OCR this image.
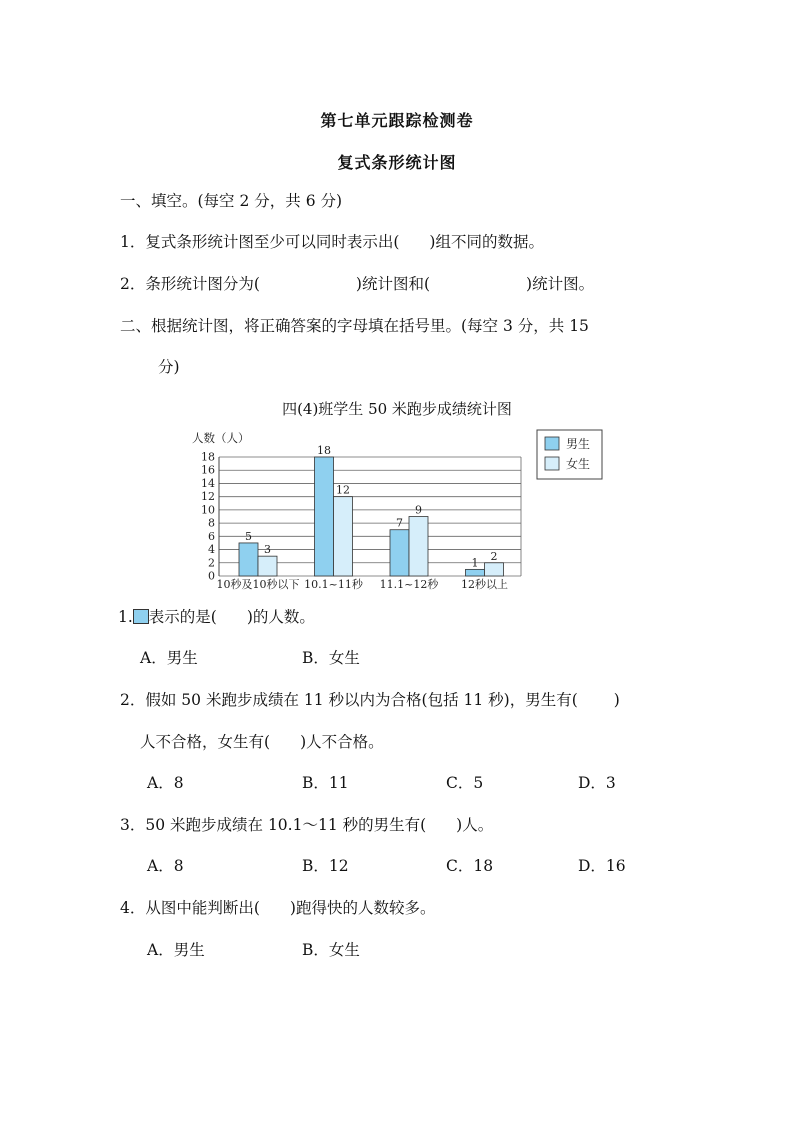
第七单元跟踪检测卷
复式条形统计图
一、填空。(每空 2 分，共 6 分)
1．复式条形统计图至少可以同时表示出( )组不同的数据。
2．条形统计图分为(	)统计图和(	)统计图。
二、根据统计图，将正确答案的字母填在括号里。(每空 3 分，共 15
分)
四(4)班学生 50 米跑步成绩统计图
人数（人）
0
2
4
6
8
10
12
14
16
18
5
3
18
12
7
9
1
2
10秒及10秒以下 10.1~11秒 11.1~12秒 12秒以上
男生
女生
1. 表示的是( )的人数。
A．男生	B．女生
2．假如 50 米跑步成绩在 11 秒以内为合格(包括 11 秒)，男生有( )
人不合格，女生有( )人不合格。
A．8	B．11	C．5	D．3
3．50 米跑步成绩在 10.1～11 秒的男生有( )人。
A．8	B．12	C．18	D．16
4．从图中能判断出( )跑得快的人数较多。
A．男生	B．女生
